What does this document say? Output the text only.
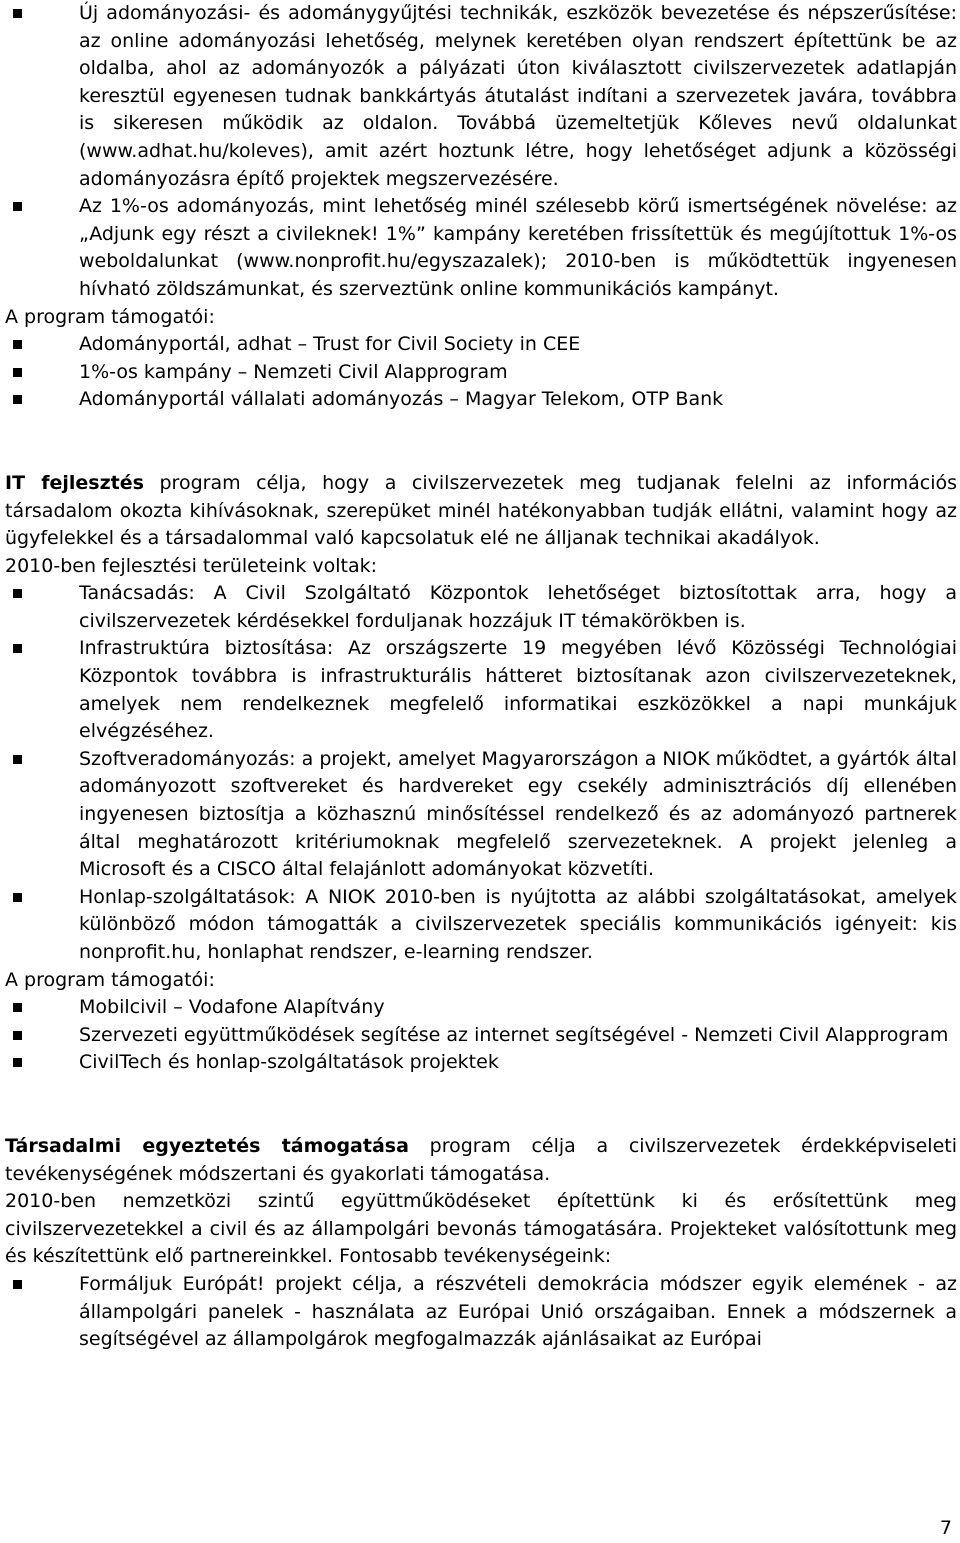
Új adományozási- és adománygyűjtési technikák, eszközök bevezetése és népszerűsítése: az online adományozási lehetőség, melynek keretében olyan rendszert építettünk be az oldalba, ahol az adományozók a pályázati úton kiválasztott civilszervezetek adatlapján keresztül egyenesen tudnak bankkártyás átutalást indítani a szervezetek javára, továbbra is sikeresen működik az oldalon. Továbbá üzemeltetjük Kőleves nevű oldalunkat (www.adhat.hu/koleves), amit azért hoztunk létre, hogy lehetőséget adjunk a közösségi adományozásra építő projektek megszervezésére.
Az 1%-os adományozás, mint lehetőség minél szélesebb körű ismertségének növelése: az „Adjunk egy részt a civileknek! 1%” kampány keretében frissítettük és megújítottuk 1%-os weboldalunkat (www.nonprofit.hu/egyszazalek); 2010-ben is működtettük ingyenesen hívható zöldszámunkat, és szerveztünk online kommunikációs kampányt.

A program támogatói:

Adományportál, adhat – Trust for Civil Society in CEE
1%-os kampány – Nemzeti Civil Alapprogram
Adományportál vállalati adományozás – Magyar Telekom, OTP Bank

IT fejlesztés program célja, hogy a civilszervezetek meg tudjanak felelni az információs társadalom okozta kihívásoknak, szerepüket minél hatékonyabban tudják ellátni, valamint hogy az ügyfelekkel és a társadalommal való kapcsolatuk elé ne álljanak technikai akadályok.

2010-ben fejlesztési területeink voltak:

Tanácsadás: A Civil Szolgáltató Központok lehetőséget biztosítottak arra, hogy a civilszervezetek kérdésekkel forduljanak hozzájuk IT témakörökben is.
Infrastruktúra biztosítása: Az országszerte 19 megyében lévő Közösségi Technológiai Központok továbbra is infrastrukturális hátteret biztosítanak azon civilszervezeteknek, amelyek nem rendelkeznek megfelelő informatikai eszközökkel a napi munkájuk elvégzéséhez.
Szoftveradományozás: a projekt, amelyet Magyarországon a NIOK működtet, a gyártók által adományozott szoftvereket és hardvereket egy csekély adminisztrációs díj ellenében ingyenesen biztosítja a közhasznú minősítéssel rendelkező és az adományozó partnerek által meghatározott kritériumoknak megfelelő szervezeteknek. A projekt jelenleg a Microsoft és a CISCO által felajánlott adományokat közvetíti.
Honlap-szolgáltatások: A NIOK 2010-ben is nyújtotta az alábbi szolgáltatásokat, amelyek különböző módon támogatták a civilszervezetek speciális kommunikációs igényeit: kis nonprofit.hu, honlaphat rendszer, e-learning rendszer.

A program támogatói:

Mobilcivil – Vodafone Alapítvány
Szervezeti együttműködések segítése az internet segítségével - Nemzeti Civil Alapprogram
CivilTech és honlap-szolgáltatások projektek

Társadalmi egyeztetés támogatása program célja a civilszervezetek érdekképviseleti tevékenységének módszertani és gyakorlati támogatása.

2010-ben nemzetközi szintű együttműködéseket építettünk ki és erősítettünk meg civilszervezetekkel a civil és az állampolgári bevonás támogatására. Projekteket valósítottunk meg és készítettünk elő partnereinkkel. Fontosabb tevékenységeink:

Formáljuk Európát! projekt célja, a részvételi demokrácia módszer egyik elemének - az állampolgári panelek - használata az Európai Unió országaiban. Ennek a módszernek a segítségével az állampolgárok megfogalmazzák ajánlásaikat az Európai
7
